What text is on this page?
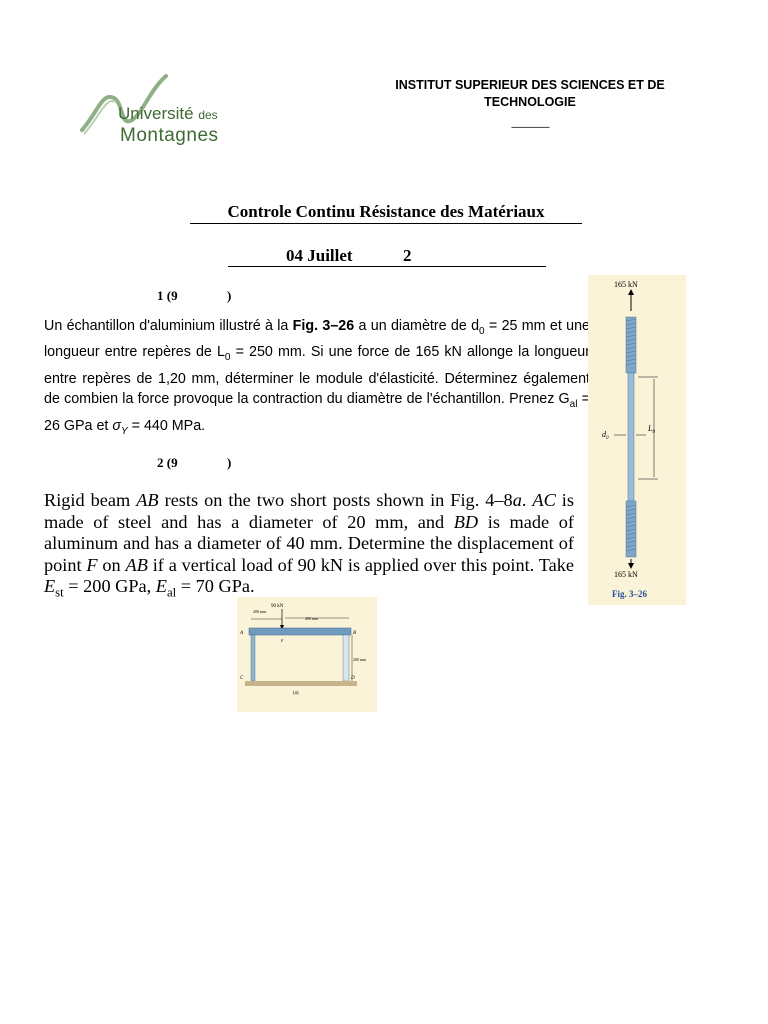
Université des
Montagnes
INSTITUT SUPERIEUR DES SCIENCES ET DE
TECHNOLOGIE
-------------------
Controle Continu Résistance des Matériaux
04 Juillet	2
1 (9	)
Un échantillon d'aluminium illustré à la Fig. 3–26 a un diamètre de $d_0 = 25$ mm et une longueur entre repères de $L_0 = 250$ mm. Si une force de 165 kN allonge la longueur entre repères de 1,20 mm, déterminer le module d'élasticité. Déterminez également de combien la force provoque la contraction du diamètre de l'échantillon. Prenez $G_{al} = 26$ GPa et $\sigma_Y = 440$ MPa.
2 (9	)
Rigid beam AB rests on the two short posts shown in Fig. 4–8a. AC is made of steel and has a diameter of 20 mm, and BD is made of aluminum and has a diameter of 40 mm. Determine the displacement of point F on AB if a vertical load of 90 kN is applied over this point. Take $E_{st} = 200$ GPa, $E_{al} = 70$ GPa.
165 kN
165 kN
$L_0$
$d_0$
Fig. 3–26
90 kN
200 mm
400 mm
A	B
F
200 mm
C	D
(a)
